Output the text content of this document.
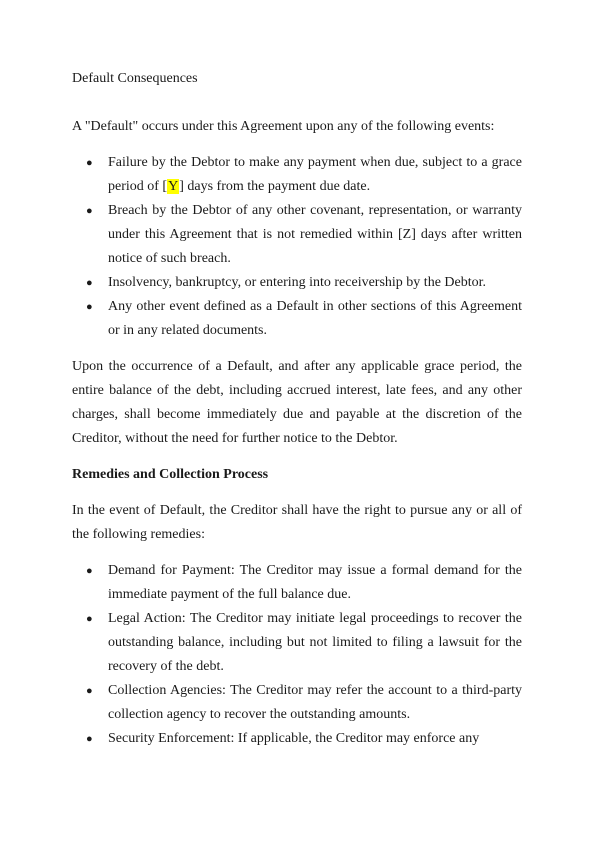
Default Consequences

A "Default" occurs under this Agreement upon any of the following events:

● Failure by the Debtor to make any payment when due, subject to a grace period of [Y] days from the payment due date.
● Breach by the Debtor of any other covenant, representation, or warranty under this Agreement that is not remedied within [Z] days after written notice of such breach.
● Insolvency, bankruptcy, or entering into receivership by the Debtor.
● Any other event defined as a Default in other sections of this Agreement or in any related documents.

Upon the occurrence of a Default, and after any applicable grace period, the entire balance of the debt, including accrued interest, late fees, and any other charges, shall become immediately due and payable at the discretion of the Creditor, without the need for further notice to the Debtor.

Remedies and Collection Process

In the event of Default, the Creditor shall have the right to pursue any or all of the following remedies:

● Demand for Payment: The Creditor may issue a formal demand for the immediate payment of the full balance due.
● Legal Action: The Creditor may initiate legal proceedings to recover the outstanding balance, including but not limited to filing a lawsuit for the recovery of the debt.
● Collection Agencies: The Creditor may refer the account to a third-party collection agency to recover the outstanding amounts.
● Security Enforcement: If applicable, the Creditor may enforce any
